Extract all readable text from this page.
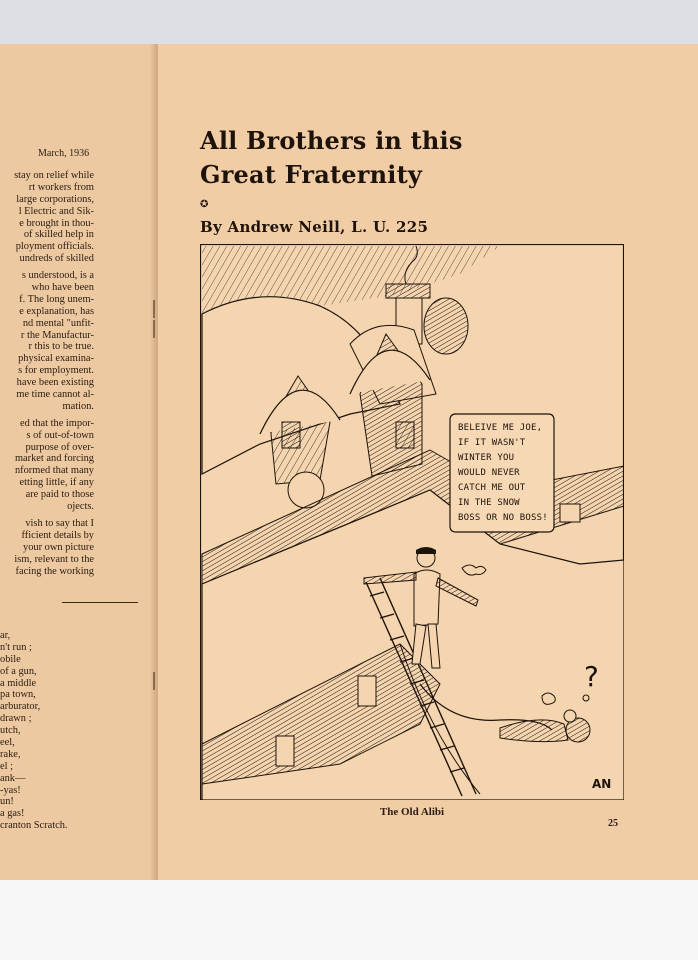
March, 1936
stay on relief while
rt workers from
large corporations,
l Electric and Sik-
e brought in thou-
of skilled help in
ployment officials.
undreds of skilled
s understood, is a
who have been
f. The long unem-
e explanation, has
nd mental "unfit-
r the Manufactur-
r this to be true.
physical examina-
s for employment.
have been existing
me time cannot al-
mation.
ed that the impor-
s of out-of-town
purpose of over-
market and forcing
nformed that many
etting little, if any
are paid to those
ojects.
vish to say that I
fficient details by
your own picture
ism, relevant to the
facing the working
ar,
n't run ;
obile
of a gun,
a middle
pa town,
arburator,
drawn ;
utch,
eel,
rake,
el ;
ank—
-yas!
un!
a gas!
cranton Scratch.
All Brothers in this
Great Fraternity
✪
By Andrew Neill, L. U. 225
BELEIVE ME JOE, IF IT WASN'T WINTER YOU WOULD NEVER CATCH ME OUT IN THE SNOW BOSS OR NO BOSS!
?
AN
The Old Alibi
25
